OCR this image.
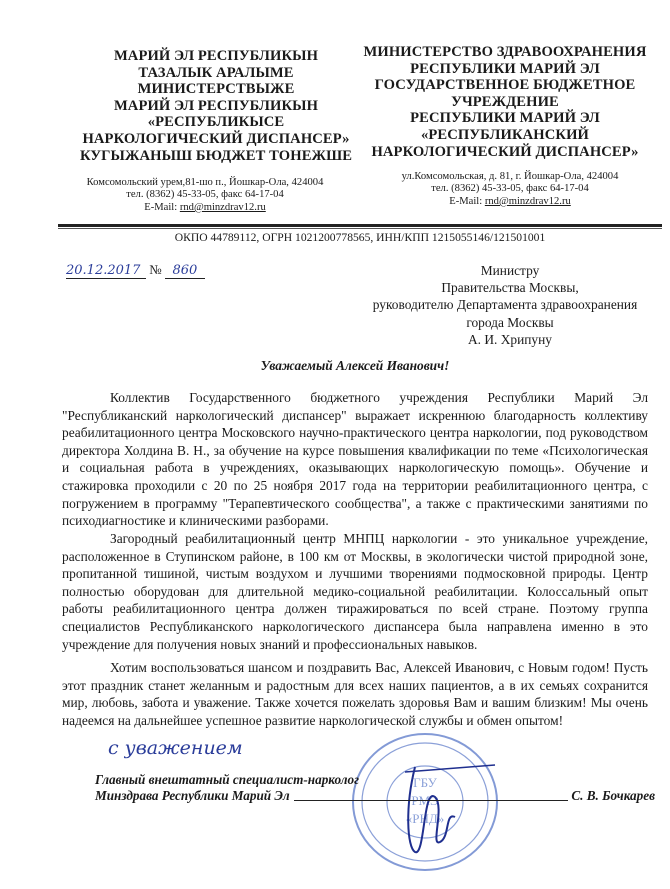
МАРИЙ ЭЛ РЕСПУБЛИКЫН
ТАЗАЛЫК АРАЛЫМЕ
МИНИСТЕРСТВЫЖЕ
МАРИЙ ЭЛ РЕСПУБЛИКЫН
«РЕСПУБЛИКЫСЕ
НАРКОЛОГИЧЕСКИЙ ДИСПАНСЕР»
КУГЫЖАНЫШ БЮДЖЕТ ТОНЕЖШЕ
Комсомольский урем,81-шо п., Йошкар-Ола, 424004
тел. (8362) 45-33-05, факс 64-17-04
E-Mail: rnd@minzdrav12.ru
МИНИСТЕРСТВО ЗДРАВООХРАНЕНИЯ
РЕСПУБЛИКИ МАРИЙ ЭЛ
ГОСУДАРСТВЕННОЕ БЮДЖЕТНОЕ
УЧРЕЖДЕНИЕ
РЕСПУБЛИКИ МАРИЙ ЭЛ
«РЕСПУБЛИКАНСКИЙ
НАРКОЛОГИЧЕСКИЙ ДИСПАНСЕР»
ул.Комсомольская, д. 81, г. Йошкар-Ола, 424004
тел. (8362) 45-33-05, факс 64-17-04
E-Mail: rnd@minzdrav12.ru
ОКПО 44789112, ОГРН 1021200778565, ИНН/КПП 1215055146/121501001
20.12.2017 № 860	Министру
Правительства Москвы,
руководителю Департамента здравоохранения
города Москвы
А. И. Хрипуну
Уважаемый Алексей Иванович!

Коллектив Государственного бюджетного учреждения Республики Марий Эл "Республиканский наркологический диспансер" выражает искреннюю благодарность коллективу реабилитационного центра Московского научно-практического центра наркологии, под руководством директора Холдина В. Н., за обучение на курсе повышения квалификации по теме «Психологическая и социальная работа в учреждениях, оказывающих наркологическую помощь». Обучение и стажировка проходили с 20 по 25 ноября 2017 года на территории реабилитационного центра, с погружением в программу "Терапевтического сообщества", а также с практическими занятиями по психодиагностике и клиническими разборами.

Загородный реабилитационный центр МНПЦ наркологии - это уникальное учреждение, расположенное в Ступинском районе, в 100 км от Москвы, в экологически чистой природной зоне, пропитанной тишиной, чистым воздухом и лучшими творениями подмосковной природы. Центр полностью оборудован для длительной медико-социальной реабилитации. Колоссальный опыт работы реабилитационного центра должен тиражироваться по всей стране. Поэтому группа специалистов Республиканского наркологического диспансера была направлена именно в это учреждение для получения новых знаний и профессиональных навыков.

Хотим воспользоваться шансом и поздравить Вас, Алексей Иванович, с Новым годом! Пусть этот праздник станет желанным и радостным для всех наших пациентов, а в их семьях сохранится мир, любовь, забота и уважение. Также хочется пожелать здоровья Вам и вашим близким! Мы очень надеемся на дальнейшее успешное развитие наркологической службы и обмен опытом!

ГБУ
РМЭ
«РНД»
с уважением
Главный внештатный специалист-нарколог
Минздрава Республики Марий Эл	С. В. Бочкарев
